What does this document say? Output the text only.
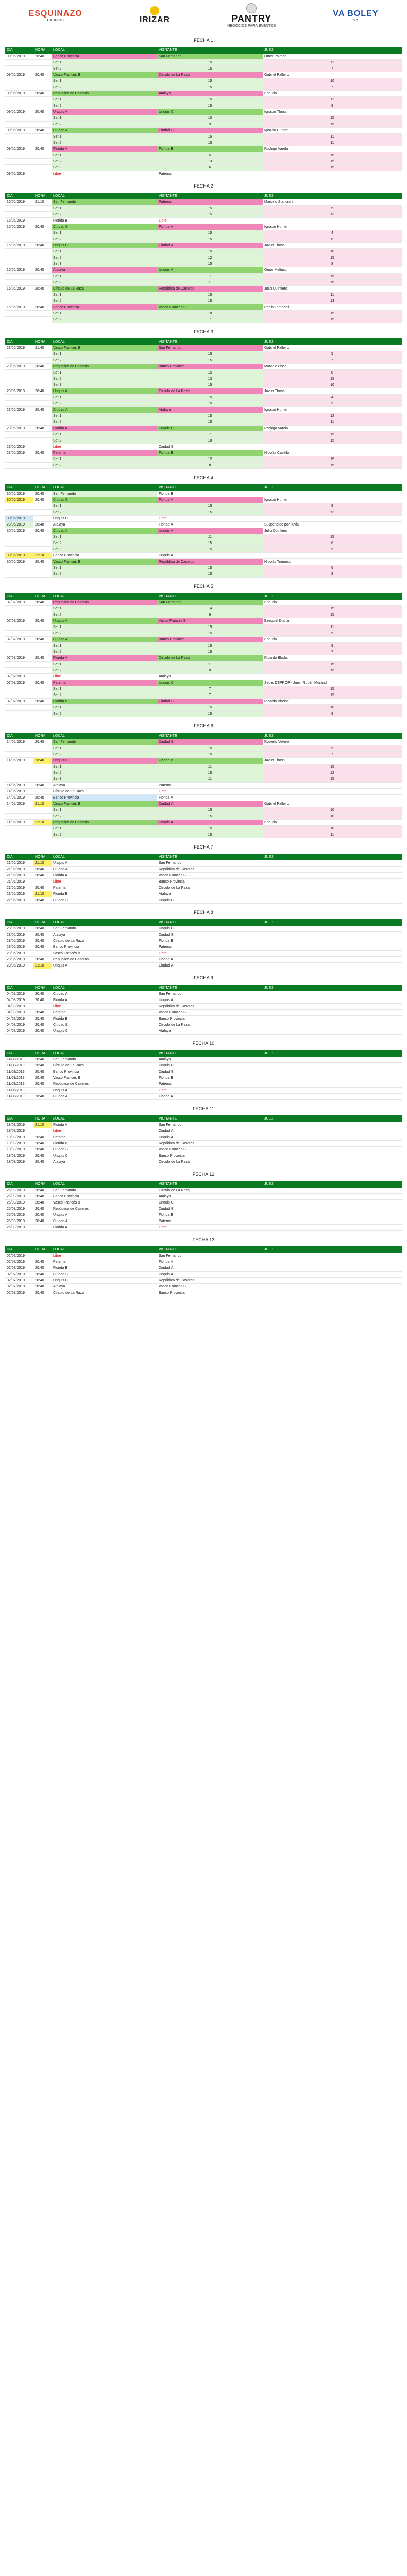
ESQUINAZO
BARRIOS	IRIZAR	PANTRY
NEGOCIOS PARA EVENTOS
VA BOLEY
VY
FECHA 1
DIA	HORA	LOCAL	VISITANTE	JUEZ
09/06/2019	20:40	Banco Provincia	San Fernando	Omar Palmen
		Set 1	15	12
		Set 2	15	7
09/06/2019	20:40	Vasco Francés B	Círculo de La Raza	Gabriel Palleiro
		Set 1	15	10
		Set 2	15	7
09/06/2019	20:40	República de Caseros	Atalaya	Eric Pla
		Set 1	15	12
		Set 2	15	8
09/06/2019	20:40	Unquis A	Unquis C	Ignacio Thoss
		Set 1	10	15
		Set 2	9	15
09/06/2019	20:40	Ciudad A	Ciudad B	Ignacio Hunter
		Set 1	15	11
		Set 2	15	11
09/06/2019	20:40	Florida A	Florida B	Rodrigo Varela
		Set 1	5	15
		Set 2	13	15
		Set 3	6	15
09/06/2019		Libre	Paternal	
FECHA 2
DIA	HORA	LOCAL	VISITANTE	JUEZ
16/06/2019	21:10	San Fernando	Paternal	Marcelo Stanciani
		Set 1	15	5
		Set 2	15	13
16/06/2019		Florida B	Libre	
16/06/2019	20:40	Ciudad B	Florida A	Ignacio Hunter
		Set 1	15	4
		Set 2	15	6
16/06/2019	20:40	Unquis C	Ciudad A	Javier Thoss
		Set 1	15	10
		Set 2	12	15
		Set 3	15	8
16/06/2019	20:40	Atalaya	Unquis A	Omar Maltucci
		Set 1	7	15
		Set 2	11	15
16/06/2019	20:40	Círculo de La Raza	República de Caseros	Julio Quintiero
		Set 1	15	11
		Set 2	15	13
16/06/2019	20:40	Banco Provincia	Vasco Francés B	Pablo Lamberti
		Set 1	10	15
		Set 2	7	15
FECHA 3
DIA	HORA	LOCAL	VISITANTE	JUEZ
23/06/2019	21:40	Vasco Francés B	San Fernando	Gabriel Palleiro
		Set 1	15	5
		Set 2	15	7
23/06/2019	20:40	República de Caseros	Banco Provincia	Marcelo Fisco
		Set 1	15	8
		Set 2	13	15
		Set 3	15	10
23/06/2019	20:40	Unquis A	Círculo de La Raza	Javier Thoss
		Set 1	15	4
		Set 2	15	9
23/06/2019	20:40	Ciudad A	Atalaya	Ignacio Hunter
		Set 1	15	12
		Set 2	15	11
23/06/2019	20:40	Florida A	Unquis C	Rodrigo Varela
		Set 1	7	15
		Set 2	10	15
23/06/2019		Libre	Ciudad B	
23/06/2019	20:40	Paternal	Florida B	Nicolás Casella
		Set 1	12	15
		Set 2	8	15
FECHA 4
DIA	HORA	LOCAL	VISITANTE	JUEZ
30/06/2019	20:40	San Fernando	Florida B	
30/06/2019	20:40	Ciudad B	Florida A	Ignacio Hunter
		Set 1	15	8
		Set 2	15	12
30/06/2019		Unquis C	Libre	
23/06/2019	20:40	Atalaya	Florida A	Suspendido por lluvia
30/06/2019	20:40	Ciudad A	Unquis A	Julio Quintiero
		Set 1	11	15
		Set 2	15	6
		Set 3	15	9
30/06/2019	21:10	Banco Provincia	Unquis A	
30/06/2019	20:40	Vasco Francés B	República de Caseros	Nicolás Trimarco
		Set 1	15	6
		Set 2	15	9
FECHA 5
DIA	HORA	LOCAL	VISITANTE	JUEZ
07/07/2019	20:40	República de Caseros	San Fernando	Eric Pla
		Set 1	14	15
		Set 2	6	15
07/07/2019	20:40	Unquis A	Vasco Francés B	Ezequiel Diana
		Set 1	15	11
		Set 2	15	5
07/07/2019	20:40	Ciudad A	Banco Provincia	Eric Pla
		Set 1	15	9
		Set 2	15	7
07/07/2019	20:40	Florida A	Círculo de La Raza	Ricardo Blodar
		Set 1	11	15
		Set 2	8	15
07/07/2019		Libre	Atalaya	
07/07/2019	20:40	Paternal	Unquis C	Sede: DEPROP - Juez: Rubén Morandi
		Set 1	7	15
		Set 2	7	15
07/07/2019	20:40	Florida B	Ciudad B	Ricardo Blodar
		Set 1	15	10
		Set 2	15	8
FECHA 6
DIA	HORA	LOCAL	VISITANTE	JUEZ
14/05/2019	20:40	San Fernando	Ciudad B	Roberto Vetere
		Set 1	15	5
		Set 2	15	7
14/05/2019	20:40	Unquis C	Florida B	Javier Thoss
		Set 1	11	15
		Set 2	15	12
		Set 3	11	15
14/05/2019	20:40	Atalaya	Paternal	
14/05/2019		Círculo de La Raza	Libre	
14/05/2019	20:40	Banco Provincia	Florida A	
14/05/2019	21:10	Vasco Francés B	Ciudad A	Gabriel Palleiro
		Set 1	15	10
		Set 2	15	10
14/05/2019	21:10	República de Caseros	Unquis A	Eric Pla
		Set 1	15	10
		Set 2	15	11
FECHA 7
DIA	HORA	LOCAL	VISITANTE	JUEZ
21/05/2019	21:10	Unquis A	San Fernando	
21/05/2019	20:40	Ciudad A	República de Caseros	
21/05/2019	20:40	Florida A	Vasco Francés B	
21/05/2019		Libre	Banco Provincia	
21/05/2019	20:40	Paternal	Círculo de La Raza	
21/05/2019	21:10	Florida B	Atalaya	
21/05/2019	20:40	Ciudad B	Unquis C	
FECHA 8
DIA	HORA	LOCAL	VISITANTE	JUEZ
28/05/2019	20:40	San Fernando	Unquis C	
28/05/2019	20:40	Atalaya	Ciudad B	
28/05/2019	20:40	Círculo de La Raza	Florida B	
28/05/2019	20:40	Banco Provincia	Paternal	
28/05/2019		Vasco Francés B	Libre	
28/05/2019	20:40	República de Caseros	Florida A	
28/05/2019	21:10	Unquis A	Ciudad A	
FECHA 9
DIA	HORA	LOCAL	VISITANTE	JUEZ
04/08/2019	20:40	Ciudad A	San Fernando	
04/08/2019	20:40	Florida A	Unquis A	
04/08/2019		Libre	República de Caseros	
04/08/2019	20:40	Paternal	Vasco Francés B	
04/08/2019	20:40	Florida B	Banco Provincia	
04/08/2019	20:40	Ciudad B	Círculo de La Raza	
04/08/2019	20:40	Unquis C	Atalaya	
FECHA 10
DIA	HORA	LOCAL	VISITANTE	JUEZ
11/08/2019	20:40	San Fernando	Atalaya	
11/08/2019	20:40	Círculo de La Raza	Unquis C	
11/08/2019	20:40	Banco Provincia	Ciudad B	
11/08/2019	20:40	Vasco Francés B	Florida B	
11/08/2019	20:40	República de Caseros	Paternal	
11/08/2019		Unquis A	Libre	
11/08/2019	20:40	Ciudad A	Florida A	
FECHA 11
DIA	HORA	LOCAL	VISITANTE	JUEZ
18/08/2019	21:10	Florida A	San Fernando	
18/08/2019		Libre	Ciudad A	
18/08/2019	20:40	Paternal	Unquis A	
18/08/2019	20:40	Florida B	República de Caseros	
18/08/2019	20:40	Ciudad B	Vasco Francés B	
18/08/2019	20:40	Unquis C	Banco Provincia	
18/08/2019	20:40	Atalaya	Círculo de La Raza	
FECHA 12
DIA	HORA	LOCAL	VISITANTE	JUEZ
25/08/2019	20:40	San Fernando	Círculo de La Raza	
25/08/2019	20:40	Banco Provincia	Atalaya	
25/08/2019	20:40	Vasco Francés B	Unquis C	
25/08/2019	20:40	República de Caseros	Ciudad B	
25/08/2019	20:40	Unquis A	Florida B	
25/08/2019	20:40	Ciudad A	Paternal	
25/08/2019		Florida A	Libre	
FECHA 13
DIA	HORA	LOCAL	VISITANTE	JUEZ
02/07/2019		Libre	San Fernando	
02/07/2019	20:40	Paternal	Florida A	
02/07/2019	20:40	Florida B	Ciudad A	
02/07/2019	20:40	Ciudad B	Unquis A	
02/07/2019	20:40	Unquis C	República de Caseros	
02/07/2019	20:40	Atalaya	Vasco Francés B	
02/07/2019	20:40	Círculo de La Raza	Banco Provincia	
